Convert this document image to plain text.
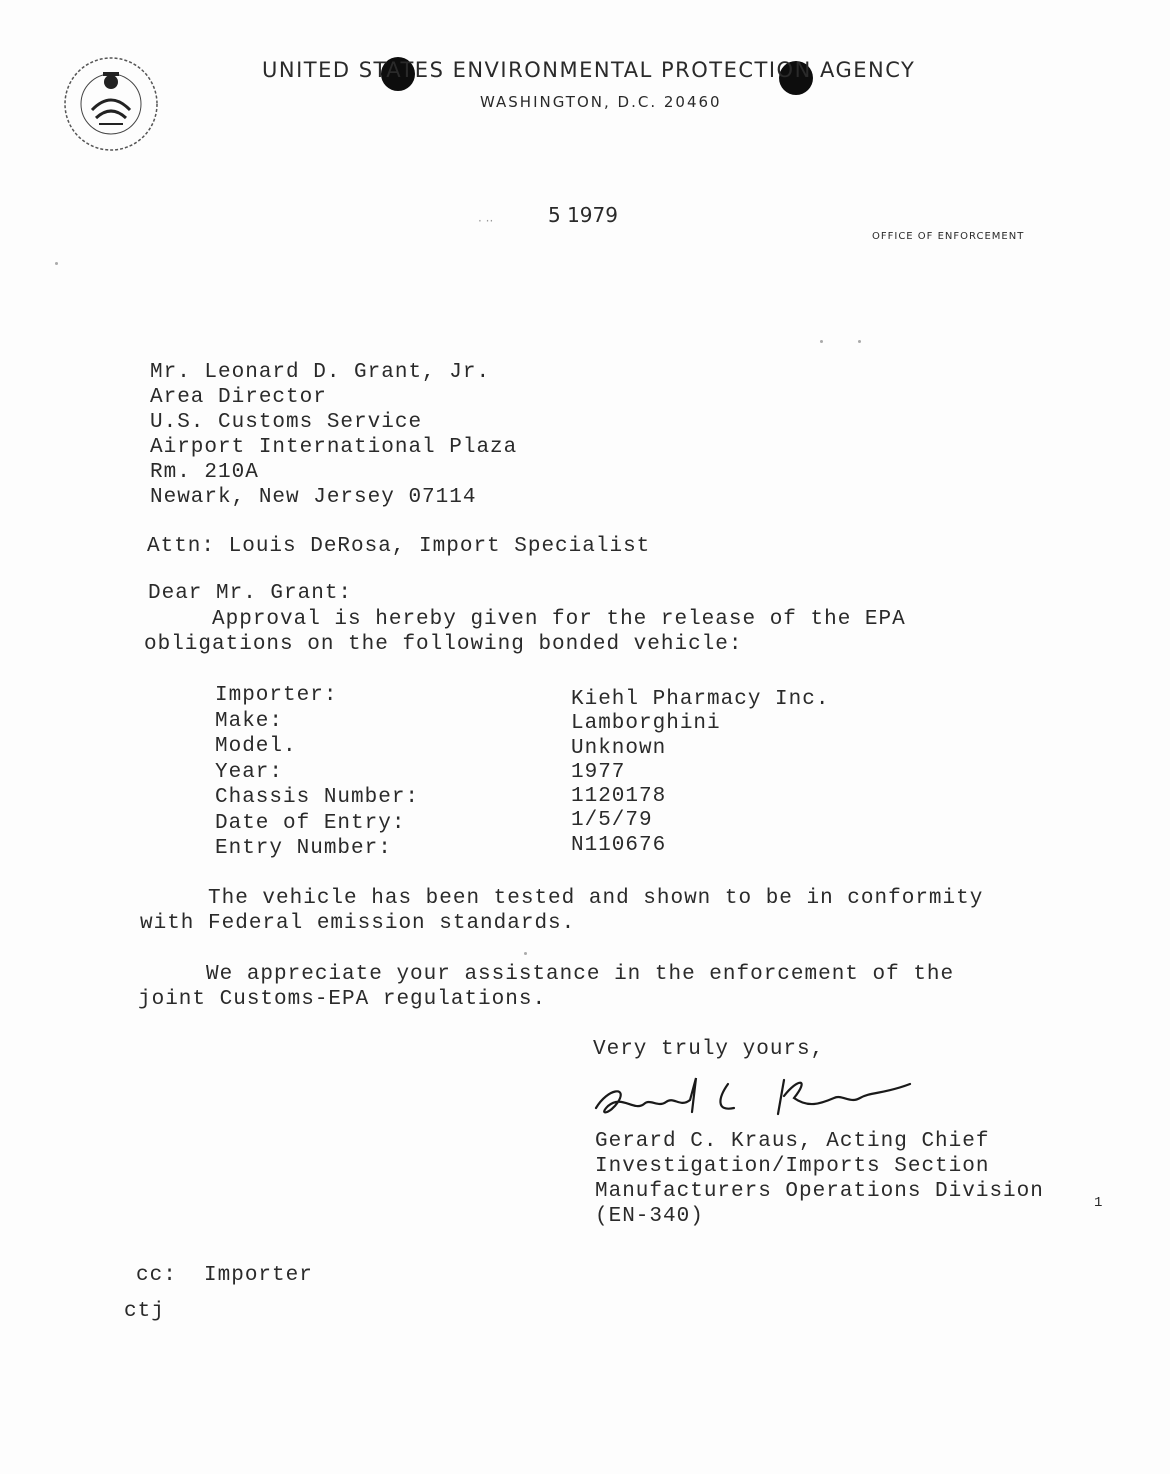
UNITED STATES ENVIRONMENTAL PROTECTION AGENCY
WASHINGTON, D.C. 20460
· ··	5 1979
OFFICE OF ENFORCEMENT
Mr. Leonard D. Grant, Jr.
Area Director
U.S. Customs Service
Airport International Plaza
Rm. 210A
Newark, New Jersey 07114
Attn: Louis DeRosa, Import Specialist
Dear Mr. Grant:
Approval is hereby given for the release of the EPA
obligations on the following bonded vehicle:
Importer:
Make:
Model.
Year:
Chassis Number:
Date of Entry:
Entry Number:
Kiehl Pharmacy Inc.
Lamborghini
Unknown
1977
1120178
1/5/79
N110676
The vehicle has been tested and shown to be in conformity
with Federal emission standards.
We appreciate your assistance in the enforcement of the
joint Customs-EPA regulations.
Very truly yours,
Gerard C. Kraus, Acting Chief
Investigation/Imports Section
Manufacturers Operations Division
(EN-340)
1
cc:  Importer
ctj
